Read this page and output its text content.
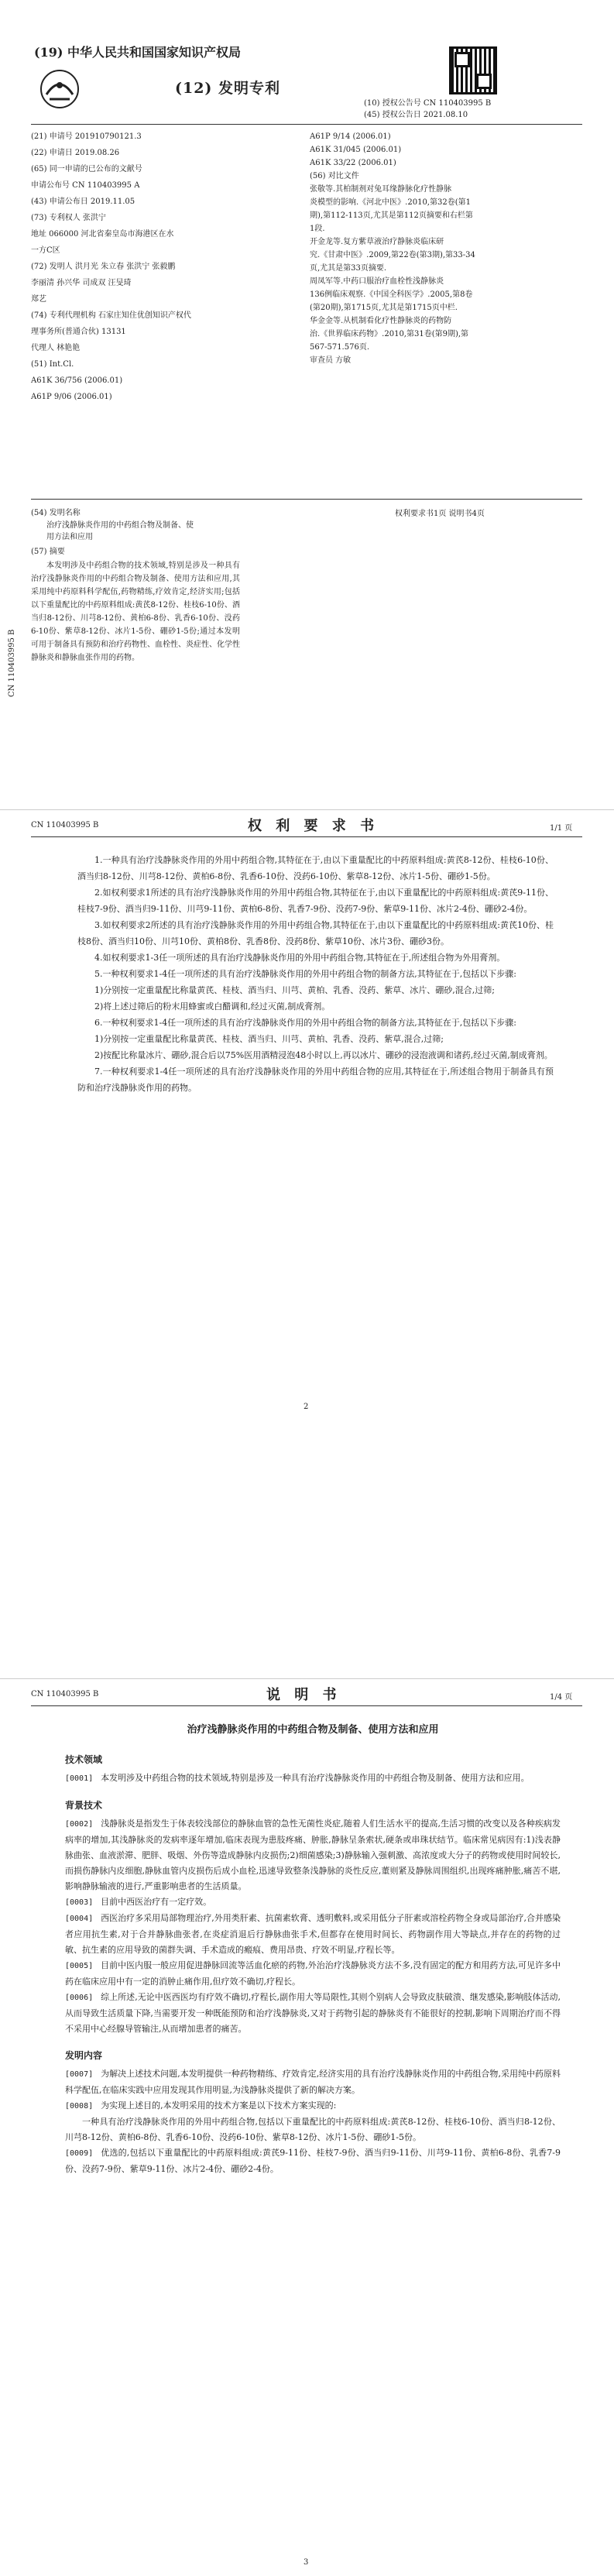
(19) 中华人民共和国国家知识产权局
(12) 发明专利
(10) 授权公告号 CN 110403995 B
(45) 授权公告日 2021.08.10
(21) 申请号 201910790121.3
(22) 申请日 2019.08.26
(65) 同一申请的已公布的文献号
申请公布号 CN 110403995 A
(43) 申请公布日 2019.11.05
(73) 专利权人 张洪宁
地址 066000 河北省秦皇岛市海港区在水
一方C区
(72) 发明人 洪月光 朱立春 张洪宁 张毅鹏
李丽清 孙兴华 司成双 汪旻琦
郑艺
(74) 专利代理机构 石家庄知住优创知识产权代
理事务所(普通合伙) 13131
代理人 林艳艳
(51) Int.Cl.
A61K 36/756 (2006.01)
A61P 9/06 (2006.01)
A61P 9/14 (2006.01)
A61K 31/045 (2006.01)
A61K 33/22 (2006.01)
(56) 对比文件
张敬等.其柏制剂对兔耳缘静脉化疗性静脉
炎模型的影响.《河北中医》.2010,第32卷(第1
期),第112-113页,尤其是第112页摘要和右栏第
1段.
开金龙等.复方紫草液治疗静脉炎临床研
究.《甘肃中医》.2009,第22卷(第3期),第33-34
页,尤其是第33页摘要.
周凤军等.中药口服治疗血栓性浅静脉炎
136例临床观察.《中国全科医学》.2005,第8卷
(第20期),第1715页,尤其是第1715页中栏.
华金金等.从机制看化疗性静脉炎的药物防
治.《世界临床药物》.2010,第31卷(第9期),第
567-571.576页.
审查员 方敏
权利要求书1页 说明书4页
(54) 发明名称
治疗浅静脉炎作用的中药组合物及制备、使
用方法和应用
(57) 摘要
本发明涉及中药组合物的技术领域,特别是涉及一种具有治疗浅静脉炎作用的中药组合物及制备、使用方法和应用,其采用纯中药原料科学配伍,药物精练,疗效肯定,经济实用;包括以下重量配比的中药原料组成:黄芪8-12份、桂枝6-10份、酒当归8-12份、川芎8-12份、黄柏6-8份、乳香6-10份、没药6-10份、紫草8-12份、冰片1-5份、硼砂1-5份;通过本发明可用于制备具有预防和治疗药物性、血栓性、炎症性、化学性静脉炎和静脉血张作用的药物。
CN 110403995 B
CN 110403995 B	权 利 要 求 书	1/1 页

1.一种具有治疗浅静脉炎作用的外用中药组合物,其特征在于,由以下重量配比的中药原料组成:黄芪8-12份、桂枝6-10份、酒当归8-12份、川芎8-12份、黄柏6-8份、乳香6-10份、没药6-10份、紫草8-12份、冰片1-5份、硼砂1-5份。

2.如权利要求1所述的具有治疗浅静脉炎作用的外用中药组合物,其特征在于,由以下重量配比的中药原料组成:黄芪9-11份、桂枝7-9份、酒当归9-11份、川芎9-11份、黄柏6-8份、乳香7-9份、没药7-9份、紫草9-11份、冰片2-4份、硼砂2-4份。

3.如权利要求2所述的具有治疗浅静脉炎作用的外用中药组合物,其特征在于,由以下重量配比的中药原料组成:黄芪10份、桂枝8份、酒当归10份、川芎10份、黄柏8份、乳香8份、没药8份、紫草10份、冰片3份、硼砂3份。

4.如权利要求1-3任一项所述的具有治疗浅静脉炎作用的外用中药组合物,其特征在于,所述组合物为外用膏剂。

5.一种权利要求1-4任一项所述的具有治疗浅静脉炎作用的外用中药组合物的制备方法,其特征在于,包括以下步骤:

1)分别按一定重量配比称量黄芪、桂枝、酒当归、川芎、黄柏、乳香、没药、紫草、冰片、硼砂,混合,过筛;

2)将上述过筛后的粉末用蜂蜜或白醋调和,经过灭菌,制成膏剂。

6.一种权利要求1-4任一项所述的具有治疗浅静脉炎作用的外用中药组合物的制备方法,其特征在于,包括以下步骤:

1)分别按一定重量配比称量黄芪、桂枝、酒当归、川芎、黄柏、乳香、没药、紫草,混合,过筛;

2)按配比称量冰片、硼砂,混合后以75%医用酒精浸泡48小时以上,再以冰片、硼砂的浸泡液调和诸药,经过灭菌,制成膏剂。

7.一种权利要求1-4任一项所述的具有治疗浅静脉炎作用的外用中药组合物的应用,其特征在于,所述组合物用于制备具有预防和治疗浅静脉炎作用的药物。

2
CN 110403995 B	说 明 书	1/4 页
治疗浅静脉炎作用的中药组合物及制备、使用方法和应用
技术领域

[0001] 本发明涉及中药组合物的技术领域,特别是涉及一种具有治疗浅静脉炎作用的中药组合物及制备、使用方法和应用。

背景技术

[0002] 浅静脉炎是指发生于体表较浅部位的静脉血管的急性无菌性炎症,随着人们生活水平的提高,生活习惯的改变以及各种疾病发病率的增加,其浅静脉炎的发病率逐年增加,临床表现为患肢疼痛、肿胀,静脉呈条索状,硬条或串珠状结节。临床常见病因有:1)浅表静脉曲张、血液淤滞、肥胖、吸烟、外伤等造成静脉内皮损伤;2)细菌感染;3)静脉输入强刺激、高浓度或大分子的药物或使用时间较长,而损伤静脉内皮细胞,静脉血管内皮损伤后成小血栓,迅速导致整条浅静脉的炎性反应,董则紧及静脉周围组织,出现疼痛肿胀,痛苦不堪,影响静脉输液的进行,严重影响患者的生活质量。

[0003] 目前中西医治疗有一定疗效。

[0004] 西医治疗多采用局部物理治疗,外用类肝素、抗菌素软膏、透明敷料,或采用低分子肝素或溶栓药物全身或局部治疗,合并感染者应用抗生素,对于合并静脉曲张者,在炎症消退后行静脉曲张手术,但都存在使用时间长、药物副作用大等缺点,并存在的药物的过敏、抗生素的应用导致的菌群失调、手术造成的瘢痕、费用昂贵、疗效不明显,疗程长等。

[0005] 目前中医内服一般应用促进静脉回流等活血化瘀的药物,外治治疗浅静脉炎方法不多,没有固定的配方和用药方法,可见许多中药在临床应用中有一定的消肿止痛作用,但疗效不确切,疗程长。

[0006] 综上所述,无论中医西医均有疗效不确切,疗程长,副作用大等局限性,其则个别病人会导致皮肤破溃、继发感染,影响肢体活动,从而导致生活质量下降,当需要开发一种既能预防和治疗浅静脉炎,又对于药物引起的静脉炎有不能很好的控制,影响下周期治疗而不得不采用中心经腺导管输注,从而增加患者的痛苦。

发明内容

[0007] 为解决上述技术问题,本发明提供一种药物精练、疗效肯定,经济实用的具有治疗浅静脉炎作用的中药组合物,采用纯中药原料科学配伍,在临床实践中应用发现其作用明显,为浅静脉炎提供了新的解决方案。

[0008] 为实现上述目的,本发明采用的技术方案是以下技术方案实现的:

一种具有治疗浅静脉炎作用的外用中药组合物,包括以下重量配比的中药原料组成:黄芪8-12份、桂枝6-10份、酒当归8-12份、川芎8-12份、黄柏6-8份、乳香6-10份、没药6-10份、紫草8-12份、冰片1-5份、硼砂1-5份。

[0009] 优选的,包括以下重量配比的中药原料组成:黄芪9-11份、桂枝7-9份、酒当归9-11份、川芎9-11份、黄柏6-8份、乳香7-9份、没药7-9份、紫草9-11份、冰片2-4份、硼砂2-4份。

3
